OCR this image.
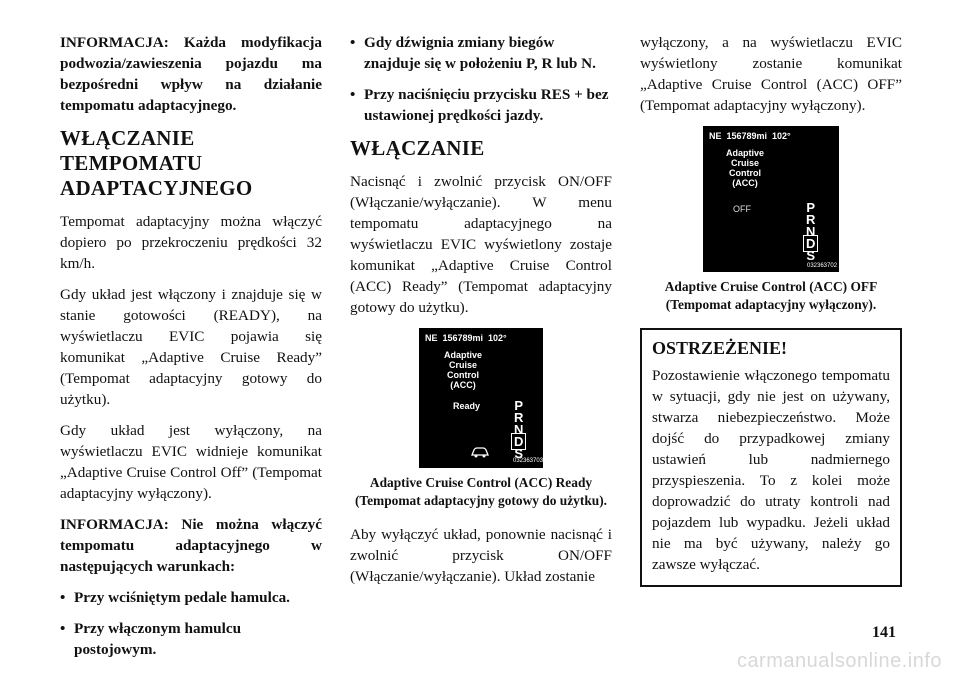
INFORMACJA: Każda modyfikacja podwozia/zawieszenia pojazdu ma bezpośredni wpływ na działanie tempomatu adaptacyjnego.

WŁĄCZANIE TEMPOMATU ADAPTACYJNEGO

Tempomat adaptacyjny można włączyć dopiero po przekroczeniu prędkości 32 km/h.

Gdy układ jest włączony i znajduje się w stanie gotowości (READY), na wyświetlaczu EVIC pojawia się komunikat „Adaptive Cruise Ready” (Tempomat adaptacyjny gotowy do użytku).

Gdy układ jest wyłączony, na wyświetlaczu EVIC widnieje komunikat „Adaptive Cruise Control Off” (Tempomat adaptacyjny wyłączony).

INFORMACJA: Nie można włączyć tempomatu adaptacyjnego w następujących warunkach:

• Przy wciśniętym pedale hamulca.
• Przy włączonym hamulcu postojowym.
• Gdy dźwignia zmiany biegów znajduje się w położeniu P, R lub N.
• Przy naciśnięciu przycisku RES + bez ustawionej prędkości jazdy.
WŁĄCZANIE

Nacisnąć i zwolnić przycisk ON/OFF (Włączanie/wyłączanie). W menu tempomatu adaptacyjnego na wyświetlaczu EVIC wyświetlony zostaje komunikat „Adaptive Cruise Control (ACC) Ready” (Tempomat adaptacyjny gotowy do użytku).

NE  156789mi  102°
Adaptive Cruise Control (ACC)
Ready	P
R
N
D
S
032363703
Adaptive Cruise Control (ACC) Ready (Tempomat adaptacyjny gotowy do użytku).

Aby wyłączyć układ, ponownie nacisnąć i zwolnić przycisk ON/OFF (Włączanie/wyłączanie). Układ zostanie

wyłączony, a na wyświetlaczu EVIC wyświetlony zostanie komunikat „Adaptive Cruise Control (ACC) OFF” (Tempomat adaptacyjny wyłączony).

NE  156789mi  102°
Adaptive Cruise Control (ACC)
OFF	P
R
N
D
S
032363702
Adaptive Cruise Control (ACC) OFF (Tempomat adaptacyjny wyłączony).
OSTRZEŻENIE!

Pozostawienie włączonego tempomatu w sytuacji, gdy nie jest on używany, stwarza niebezpieczeństwo. Może dojść do przypadkowej zmiany ustawień lub nadmiernego przyspieszenia. To z kolei może doprowadzić do utraty kontroli nad pojazdem lub wypadku. Jeżeli układ nie ma być używany, należy go zawsze wyłączać.

141
carmanualsonline.info
